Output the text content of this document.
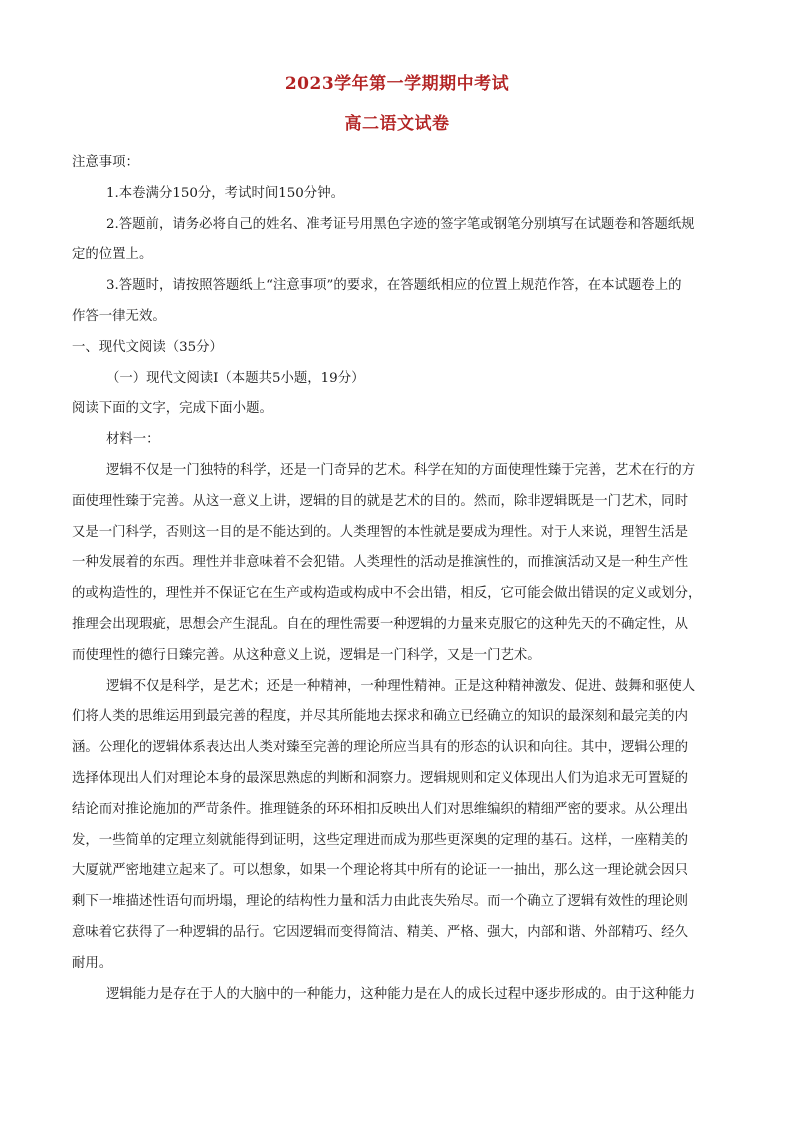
2023学年第一学期期中考试
高二语文试卷
注意事项：
1.本卷满分150分，考试时间150分钟。
2.答题前，请务必将自己的姓名、准考证号用黑色字迹的签字笔或钢笔分别填写在试题卷和答题纸规
定的位置上。
3.答题时，请按照答题纸上“注意事项”的要求，在答题纸相应的位置上规范作答，在本试题卷上的
作答一律无效。
一、现代文阅读（35分）
（一）现代文阅读Ⅰ（本题共5小题，19分）
阅读下面的文字，完成下面小题。
材料一：
逻辑不仅是一门独特的科学，还是一门奇异的艺术。科学在知的方面使理性臻于完善，艺术在行的方
面使理性臻于完善。从这一意义上讲，逻辑的目的就是艺术的目的。然而，除非逻辑既是一门艺术，同时
又是一门科学，否则这一目的是不能达到的。人类理智的本性就是要成为理性。对于人来说，理智生活是
一种发展着的东西。理性并非意味着不会犯错。人类理性的活动是推演性的，而推演活动又是一种生产性
的或构造性的，理性并不保证它在生产或构造或构成中不会出错，相反，它可能会做出错误的定义或划分，
推理会出现瑕疵，思想会产生混乱。自在的理性需要一种逻辑的力量来克服它的这种先天的不确定性，从
而使理性的德行日臻完善。从这种意义上说，逻辑是一门科学，又是一门艺术。
逻辑不仅是科学，是艺术；还是一种精神，一种理性精神。正是这种精神激发、促进、鼓舞和驱使人
们将人类的思维运用到最完善的程度，并尽其所能地去探求和确立已经确立的知识的最深刻和最完美的内
涵。公理化的逻辑体系表达出人类对臻至完善的理论所应当具有的形态的认识和向往。其中，逻辑公理的
选择体现出人们对理论本身的最深思熟虑的判断和洞察力。逻辑规则和定义体现出人们为追求无可置疑的
结论而对推论施加的严苛条件。推理链条的环环相扣反映出人们对思维编织的精细严密的要求。从公理出
发，一些简单的定理立刻就能得到证明，这些定理进而成为那些更深奥的定理的基石。这样，一座精美的
大厦就严密地建立起来了。可以想象，如果一个理论将其中所有的论证一一抽出，那么这一理论就会因只
剩下一堆描述性语句而坍塌，理论的结构性力量和活力由此丧失殆尽。而一个确立了逻辑有效性的理论则
意味着它获得了一种逻辑的品行。它因逻辑而变得简洁、精美、严格、强大，内部和谐、外部精巧、经久
耐用。
逻辑能力是存在于人的大脑中的一种能力，这种能力是在人的成长过程中逐步形成的。由于这种能力
